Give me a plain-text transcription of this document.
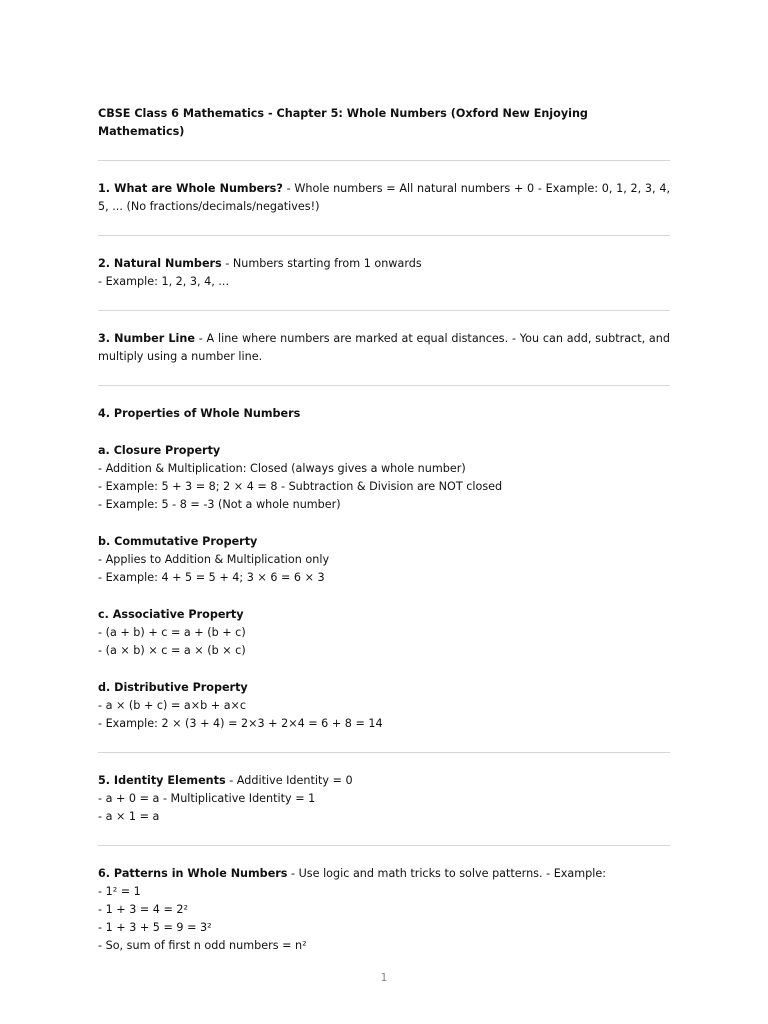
CBSE Class 6 Mathematics - Chapter 5: Whole Numbers (Oxford New Enjoying Mathematics)

1. What are Whole Numbers? - Whole numbers = All natural numbers + 0 - Example: 0, 1, 2, 3, 4, 5, ... (No fractions/decimals/negatives!)

2. Natural Numbers - Numbers starting from 1 onwards
- Example: 1, 2, 3, 4, ...

3. Number Line - A line where numbers are marked at equal distances. - You can add, subtract, and multiply using a number line.

4. Properties of Whole Numbers

a. Closure Property
- Addition & Multiplication: Closed (always gives a whole number)
- Example: 5 + 3 = 8; 2 × 4 = 8 - Subtraction & Division are NOT closed
- Example: 5 - 8 = -3 (Not a whole number)

b. Commutative Property
- Applies to Addition & Multiplication only
- Example: 4 + 5 = 5 + 4; 3 × 6 = 6 × 3

c. Associative Property
- (a + b) + c = a + (b + c)
- (a × b) × c = a × (b × c)

d. Distributive Property
- a × (b + c) = a×b + a×c
- Example: 2 × (3 + 4) = 2×3 + 2×4 = 6 + 8 = 14

5. Identity Elements - Additive Identity = 0
- a + 0 = a - Multiplicative Identity = 1
- a × 1 = a

6. Patterns in Whole Numbers - Use logic and math tricks to solve patterns. - Example:
- 1² = 1
- 1 + 3 = 4 = 2²
- 1 + 3 + 5 = 9 = 3²
- So, sum of first n odd numbers = n²

1
